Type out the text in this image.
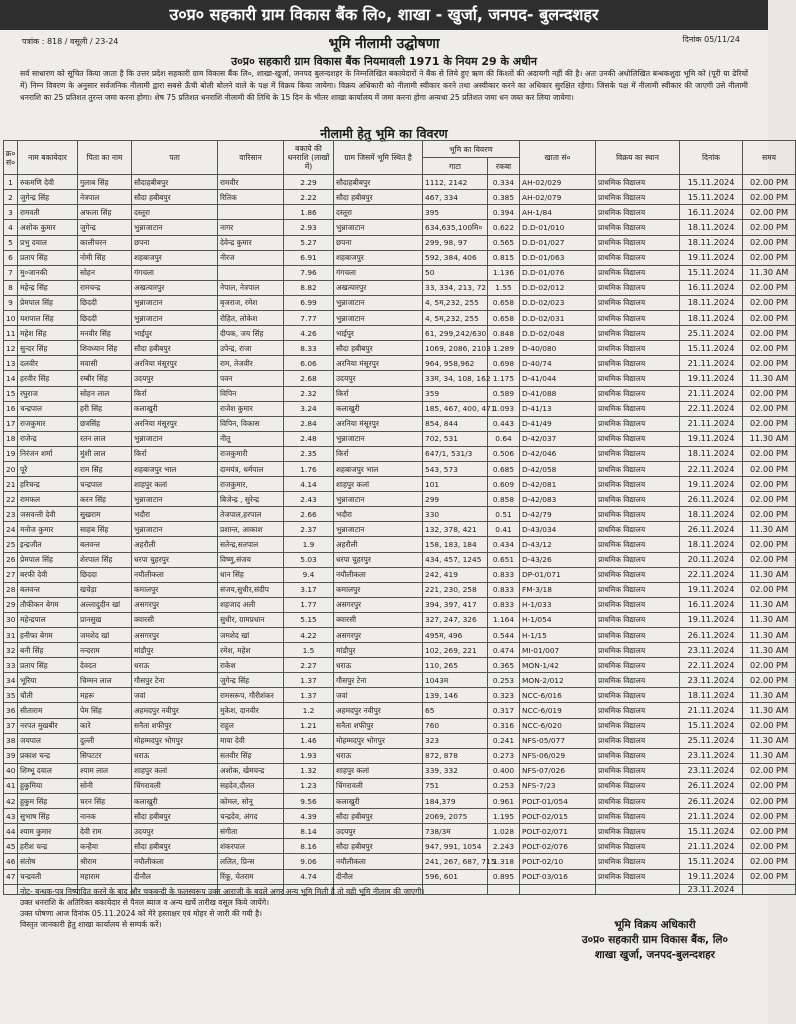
उ०प्र० सहकारी ग्राम विकास बैंक लि०, शाखा - खुर्जा, जनपद- बुलन्दशहर
भूमि नीलामी उद्घोषणा
पत्रांक : 818 / वसूली / 23-24	दिनांक 05/11/24
उ०प्र० सहकारी ग्राम विकास बैंक नियमावली 1971 के नियम 29 के अधीन
सर्व साधारण को सूचित किया जाता है कि उत्तर प्रदेश सहकारी ग्राम विकास बैंक लि०, शाखा-खुर्जा, जनपद बुलन्दशहर के निम्नलिखित बकायेदारों ने बैंक से लिये हुए ऋण की किश्तों की अदायगी नहीं की है। अतः उनकी अधोलिखित बन्धकशुदा भूमि को (पूरी या ढेरियों में) निम्न विवरण के अनुसार सर्वजनिक नीलामी द्वारा सबसे ऊँची बोली बोलने वाले के पक्ष में विक्रय किया जायेगा। विक्रय अधिकारी को नीलामी स्वीकार करने तथा अस्वीकार करने का अधिकार सुरक्षित रहेगा। जिसके पक्ष में नीलामी स्वीकार की जाएगी उसे नीलामी धनराशि का 25 प्रतिशत तुरन्त जमा करना होगा। शेष 75 प्रतिशत धनराशि नीलामी की तिथि के 15 दिन के भीतर शाखा कार्यालय में जमा करना होगा अन्यथा 25 प्रतिशत जमा धन जब्त कर लिया जायेगा।
नीलामी हेतु भूमि का विवरण
क्र० सं०	नाम बकायेदार	पिता का नाम	पता	वारिसान	बकाये की धनराशि (लाखों में)	ग्राम जिसमें भूमि स्थित है	भूमि का विवरण		खाता सं०	विक्रय का स्थान	दिनांक	समय
							गाटा	रकबा				
1	रुकमणि देवी	गुलाब सिंह	सौदाहबीबपुर	रामवीर	2.29	सौदाहबीबपुर	1112, 2142	0.334	AH-02/029	प्राथमिक विद्यालय	15.11.2024	02.00 PM
2	जुगेन्द्र सिंह	नेत्रपाल	सौदा हबीबपुर	रितिक	2.22	सौदा हबीबपुर	467, 334	0.385	AH-02/079	प्राथमिक विद्यालय	15.11.2024	02.00 PM
3	रामवती	अफला सिंह	दस्तूरा		1.86	दस्तूरा	395	0.394	AH-1/84	प्राथमिक विद्यालय	16.11.2024	02.00 PM
4	अशोक कुमार	जुगेन्द्र	भुन्नाजाटान	नागर	2.93	भुन्नाजाटान	634,635,100मि०	0.622	D.D-01/010	प्राथमिक विद्यालय	18.11.2024	02.00 PM
5	प्रभु दयाल	कालीचरन	छपना	देवेन्द्र कुमार	5.27	छपना	299, 98, 97	0.565	D.D-01/027	प्राथमिक विद्यालय	18.11.2024	02.00 PM
6	प्रताप सिंह	नोमी सिंह	शहबाजपुर	नीरज	6.91	शहबाजपुर	592, 384, 406	0.815	D.D-01/063	प्राथमिक विद्यालय	19.11.2024	02.00 PM
7	मु०जानकी	सोहन	गंगचला		7.96	गंगचला	50	1.136	D.D-01/076	प्राथमिक विद्यालय	15.11.2024	11.30 AM
8	महेन्द्र सिंह	रामचन्द्र	अखत्यारपुर	नेपाल, नेत्रपाल	8.82	अखत्यारपुर	33, 334, 213, 72	1.55	D.D-02/012	प्राथमिक विद्यालय	16.11.2024	02.00 PM
9	प्रेमपाल सिंह	छिददी	भुन्नाजाटान	बृजराज, रमेश	6.99	भुन्नाजाटान	4, 5म,232, 255	0.658	D.D-02/023	प्राथमिक विद्यालय	18.11.2024	02.00 PM
10	यशपाल सिंह	छिददी	भुन्नाजाटान	रोहित, लोकेश	7.77	भुन्नाजाटान	4, 5म,232, 255	0.658	D.D-02/031	प्राथमिक विद्यालय	18.11.2024	02.00 PM
11	महेश सिंह	मनवीर सिंह	भाईपुर	दीपक, जय सिंह	4.26	भाईपुर	61, 299,242/630	0.848	D.D-02/048	प्राथमिक विद्यालय	25.11.2024	02.00 PM
12	सुन्दर सिंह	शिवध्यान सिंह	सौदा हबीबपुर	उपेन्द्र, राजा	8.33	सौदा हबीबपुर	1069, 2086, 2103	1.289	D-40/080	प्राथमिक विद्यालय	15.11.2024	02.00 PM
13	दलवीर	मवासी	अरनिया मंसूरपुर	राम, तेजवीर	6.06	अरनिया मंसूरपुर	964, 958,962	0.698	D-40/74	प्राथमिक विद्यालय	21.11.2024	02.00 PM
14	हरवीर सिंह	रम्बीर सिंह	उदयपुर	पवन	2.68	उदयपुर	33म, 34, 108, 162	1.175	D-41/044	प्राथमिक विद्यालय	19.11.2024	11.30 AM
15	रघुराज	सोहन लाल	किर्रा	विपिन	2.32	किर्रा	359	0.589	D-41/088	प्राथमिक विद्यालय	21.11.2024	02.00 PM
16	चन्द्रपाल	हरी सिंह	कलाखुरी	राजेश कुमार	3.24	कलाखुरी	185, 467, 400, 471	1.093	D-41/13	प्राथमिक विद्यालय	22.11.2024	02.00 PM
17	राजकुमार	छत्रसिंह	अरनिया मंसूरपुर	विपिन, विकास	2.84	अरनिया मंसूरपुर	854, 844	0.443	D-41/49	प्राथमिक विद्यालय	21.11.2024	02.00 PM
18	राजेन्द्र	रतन लाल	भुन्नाजाटान	नीतू	2.48	भुन्नाजाटान	702, 531	0.64	D-42/037	प्राथमिक विद्यालय	19.11.2024	11.30 AM
19	निरंजन शर्मा	मुंशी लाल	किर्रा	राजकुमारी	2.35	किर्रा	647/1, 531/3	0.506	D-42/046	प्राथमिक विद्यालय	18.11.2024	02.00 PM
20	पूरे	राम सिंह	शहबाजपुर भाल	दामयंत्र, धर्मपाल	1.76	शहबाजपुर भाल	543, 573	0.685	D-42/058	प्राथमिक विद्यालय	22.11.2024	02.00 PM
21	हरिचन्द्र	चन्द्रपाल	शाहपुर कलां	राजकुमार,	4.14	शाहपुर कलां	101	0.609	D-42/081	प्राथमिक विद्यालय	19.11.2024	02.00 PM
22	रामफल	करन सिंह	भुन्नाजाटान	बिजेन्द्र , सुरेन्द्र	2.43	भुन्नाजाटान	299	0.858	D-42/083	प्राथमिक विद्यालय	26.11.2024	02.00 PM
23	जसवन्ती देवी	सुखराम	भदौरा	तेजपाल,हरपाल	2.66	भदौरा	330	0.51	D-42/79	प्राथमिक विद्यालय	18.11.2024	02.00 PM
24	मनोज कुमार	साहब सिंह	भुन्नाजाटान	प्रशान्त, आकाश	2.37	भुन्नाजाटान	132, 378, 421	0.41	D-43/034	प्राथमिक विद्यालय	26.11.2024	11.30 AM
25	इन्द्रजीत	बलवन्त	अहरौली	सतेन्द्र,सतपाल	1.9	अहरौली	158, 183, 184	0.434	D-43/12	प्राथमिक विद्यालय	18.11.2024	02.00 PM
26	प्रेमपाल सिंह	शेरपाल सिंह	धरपा चुहरपुर	विष्णु,संजय	5.03	धरपा चुहरपुर	434, 457, 1245	0.651	D-43/26	प्राथमिक विद्यालय	20.11.2024	02.00 PM
27	बरफी देवी	छिददा	नयौलीकला	धान सिंह	9.4	नयौलीकला	242, 419	0.833	DP-01/071	प्राथमिक विद्यालय	22.11.2024	11.30 AM
28	बलवन्त	खचेड़ा	कमालपुर	संजय,सुधीर,संदीप	3.17	कमालपुर	221, 230, 258	0.833	FM-3/18	प्राथमिक विद्यालय	19.11.2024	02.00 PM
29	तौफीकन बेगम	अल्लादुदीन खां	असगरपुर	शहजाद अली	1.77	असगरपुर	394, 397, 417	0.833	H-1/033	प्राथमिक विद्यालय	16.11.2024	11.30 AM
30	महेन्द्रपाल	प्रानसुख	क्वारसी	सुधीर, ग्रामप्रधान	5.15	क्वारसी	327, 247, 326	1.164	H-1/054	प्राथमिक विद्यालय	19.11.2024	11.30 AM
31	हनीफा बेगम	जमशेद खां	असगरपुर	जमशेद खां	4.22	असगरपुर	495म, 496	0.544	H-1/15	प्राथमिक विद्यालय	26.11.2024	11.30 AM
32	बनी सिंह	नन्दराम	मांडौपुर	रमेश, महेश	1.5	मांडौपुर	102, 269, 221	0.474	MI-01/007	प्राथमिक विद्यालय	23.11.2024	11.30 AM
33	प्रताप सिंह	देवदत	धराऊ	राकेश	2.27	धराऊ	110, 265	0.365	MON-1/42	प्राथमिक विद्यालय	22.11.2024	02.00 PM
34	भूरिया	चिम्मन लाल	गौसपुर टेना	जुगेन्द्र सिंह	1.37	गौसपुर टेना	1043म	0.253	MON-2/012	प्राथमिक विद्यालय	23.11.2024	02.00 PM
35	चौती	महरू	जवां	रामसरूप, गौरीशंकर	1.37	जवां	139, 146	0.323	NCC-6/016	प्राथमिक विद्यालय	18.11.2024	11.30 AM
36	सीताराम	पेम सिंह	अहमदपुर नवीपुर	मुकेश, दानवीर	1.2	अहमदपुर नवीपुर	65	0.317	NCC-6/019	प्राथमिक विद्यालय	21.11.2024	11.30 AM
37	नरपत मुखबीर	कारे	सनैता शफीपुर	राहुल	1.21	सनैता शफीपुर	760	0.316	NCC-6/020	प्राथमिक विद्यालय	15.11.2024	02.00 PM
38	जयपाल	दुल्ली	मोहम्मदपुर भोगपुर	माया देवी	1.46	मोहम्मदपुर भोगपुर	323	0.241	NFS-05/077	प्राथमिक विद्यालय	25.11.2024	11.30 AM
39	प्रकाश चन्द्र	सिपटटर	धराऊ	सतवीर सिंह	1.93	धराऊ	872, 878	0.273	NFS-06/029	प्राथमिक विद्यालय	23.11.2024	11.30 AM
40	शिम्भू दयाल	श्याम लाल	शाहपुर कलां	अशोक, खेमचन्द्र	1.32	शाहपुर कलां	339, 332	0.400	NFS-07/026	प्राथमिक विद्यालय	23.11.2024	02.00 PM
41	हुकुमिया	सोनी	चिंगरावली	सहदेव,दौलत	1.23	चिंगरावली	751	0.253	NFS-7/23	प्राथमिक विद्यालय	26.11.2024	02.00 PM
42	हुकुम सिंह	चरन सिंह	कलाखुरी	कोमल, सोनू	9.56	कलाखुरी	184,379	0.961	POLT-01/054	प्राथमिक विद्यालय	26.11.2024	02.00 PM
43	सुभाष सिंह	नानक	सौदा हबीबपुर	चन्द्रदेव, अंगद	4.39	सौदा हबीबपुर	2069, 2075	1.195	POLT-02/015	प्राथमिक विद्यालय	21.11.2024	02.00 PM
44	श्याम कुमार	देवी राम	उदयपुर	संगीता	8.14	उदयपुर	738/3म	1.028	POLT-02/071	प्राथमिक विद्यालय	15.11.2024	02.00 PM
45	हरीश चन्द्र	कन्हैया	सौदा हबीबपुर	शंकरपाल	8.16	सौदा हबीबपुर	947, 991, 1054	2.243	POLT-02/076	प्राथमिक विद्यालय	21.11.2024	02.00 PM
46	संतोष	श्रीराम	नयौलीकला	ललित, प्रिन्स	9.06	नयौलीकला	241, 267, 687, 715	1.318	POLT-02/10	प्राथमिक विद्यालय	15.11.2024	02.00 PM
47	चन्द्रवती	महाराम	दीनौल	रिंकू, चेतराम	4.74	दीनौल	596, 601	0.895	POLT-03/016	प्राथमिक विद्यालय	19.11.2024	02.00 PM
											23.11.2024	
नोट- बन्धक-पत्र निष्पादित करने के बाद और चकबन्दी के फलस्वरूप उक्त आराजी के बदले अगर अन्य भूमि मिली है तो वही भूमि नीलाम की जाएगी।
उक्त धनराशि के अतिरिक्त बकायेदार से पैनल ब्याज व अन्य खर्चे तारीख वसूल किये जायेंगे।
उक्त घोषणा आज दिनांक 05.11.2024 को मेरे हस्ताक्षर एवं मोहर से जारी की गयी है।
विस्तृत जानकारी हेतु शाखा कार्यालय से सम्पर्क करें।	भूमि विक्रय अधिकारी
उ०प्र० सहकारी ग्राम विकास बैंक, लि०
शाखा खुर्जा, जनपद-बुलन्दशहर
